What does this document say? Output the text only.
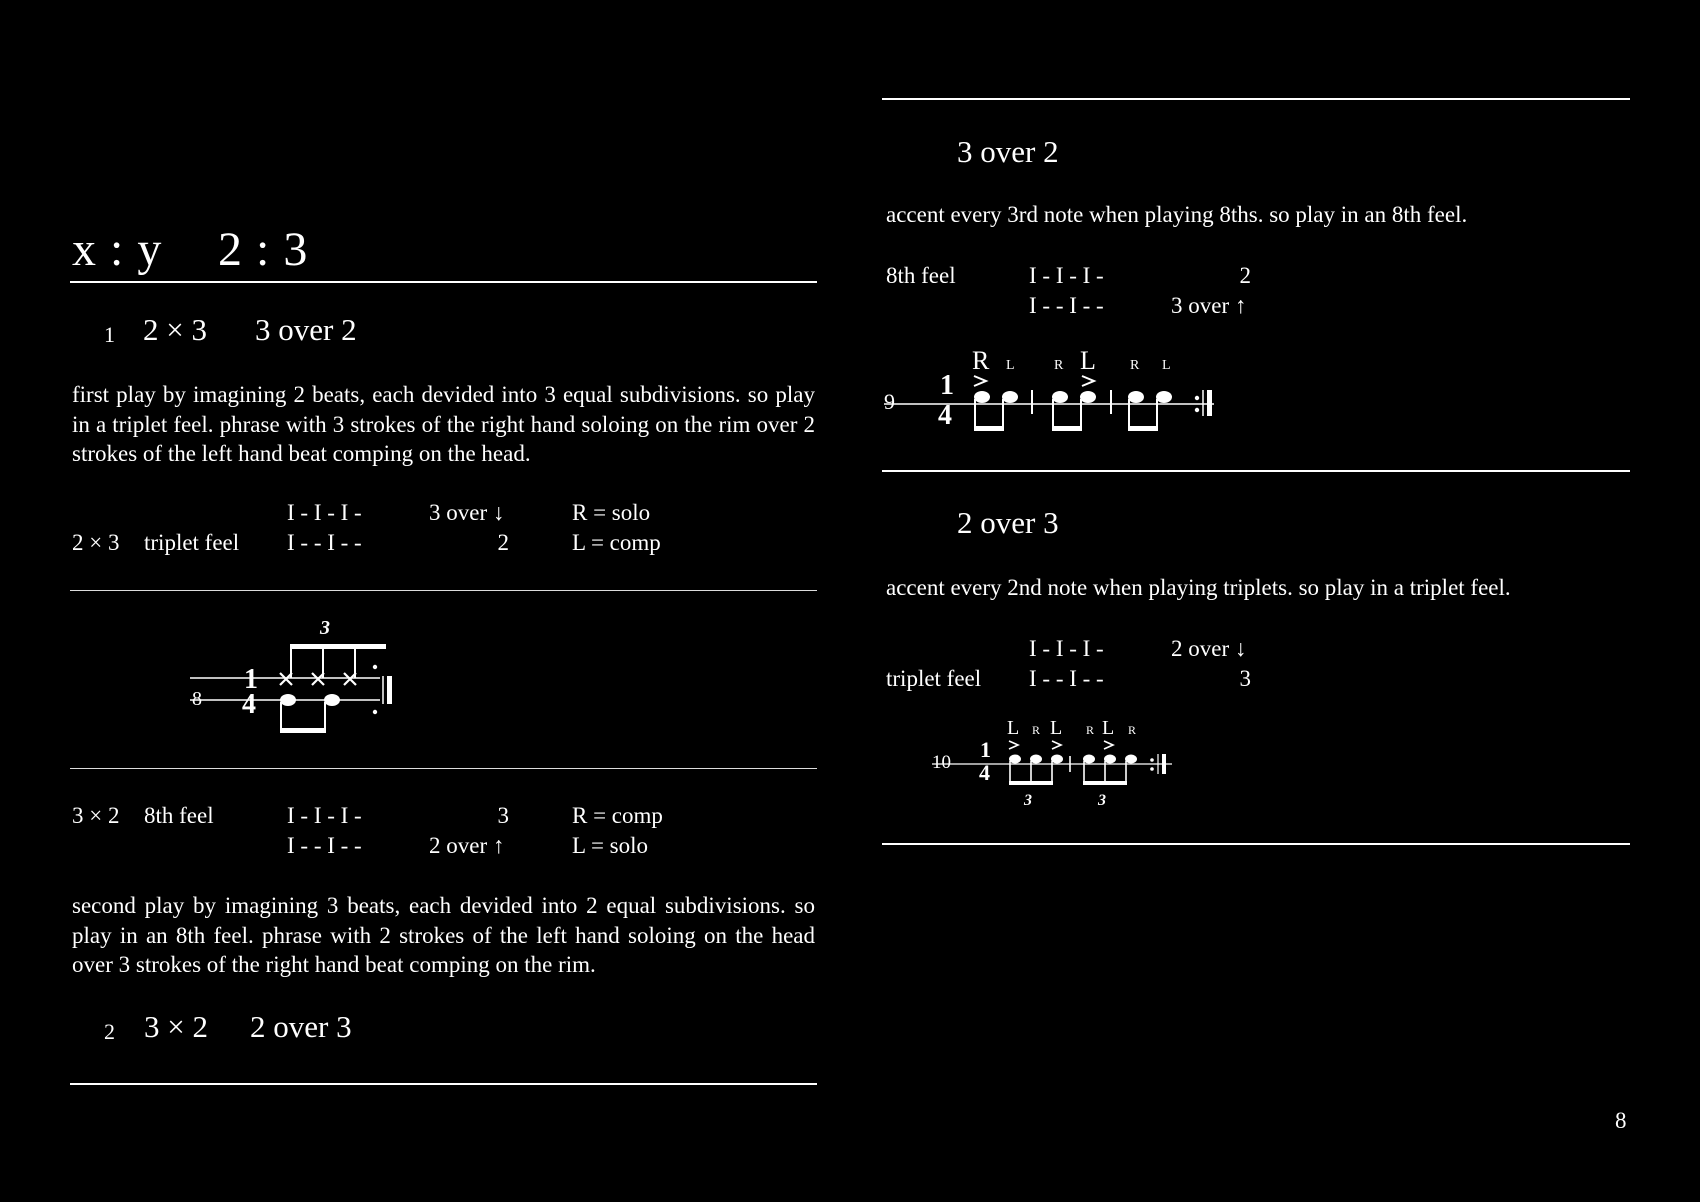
x : y 2 : 3
1 2 × 3 3 over 2
first play by imagining 2 beats, each devided into 3 equal subdivisions. so play in a triplet feel. phrase with 3 strokes of the right hand soloing on the rim over 2 strokes of the left hand beat comping on the head.
I - I - I -	3 over ↓	R = solo
2 × 3 triplet feel I - - I - -	2	L = comp
8
1
4
3
3 × 2 8th feel	I - I - I -	3	R = comp
I - - I - -	2 over ↑	L = solo
second play by imagining 3 beats, each devided into 2 equal subdivisions. so play in an 8th feel. phrase with 2 strokes of the left hand soloing on the head over 3 strokes of the right hand beat comping on the rim.
2 3 × 2 2 over 3
3 over 2
accent every 3rd note when playing 8ths. so play in an 8th feel.
8th feel	I - I - I -	2
I - - I - -	3 over ↑
9
1
4
R L	R L R L
2 over 3
accent every 2nd note when playing triplets. so play in a triplet feel.
I - I - I -	2 over ↓
triplet feel I - - I - -	3
10
1
4
L R L R L R
3	3
8
